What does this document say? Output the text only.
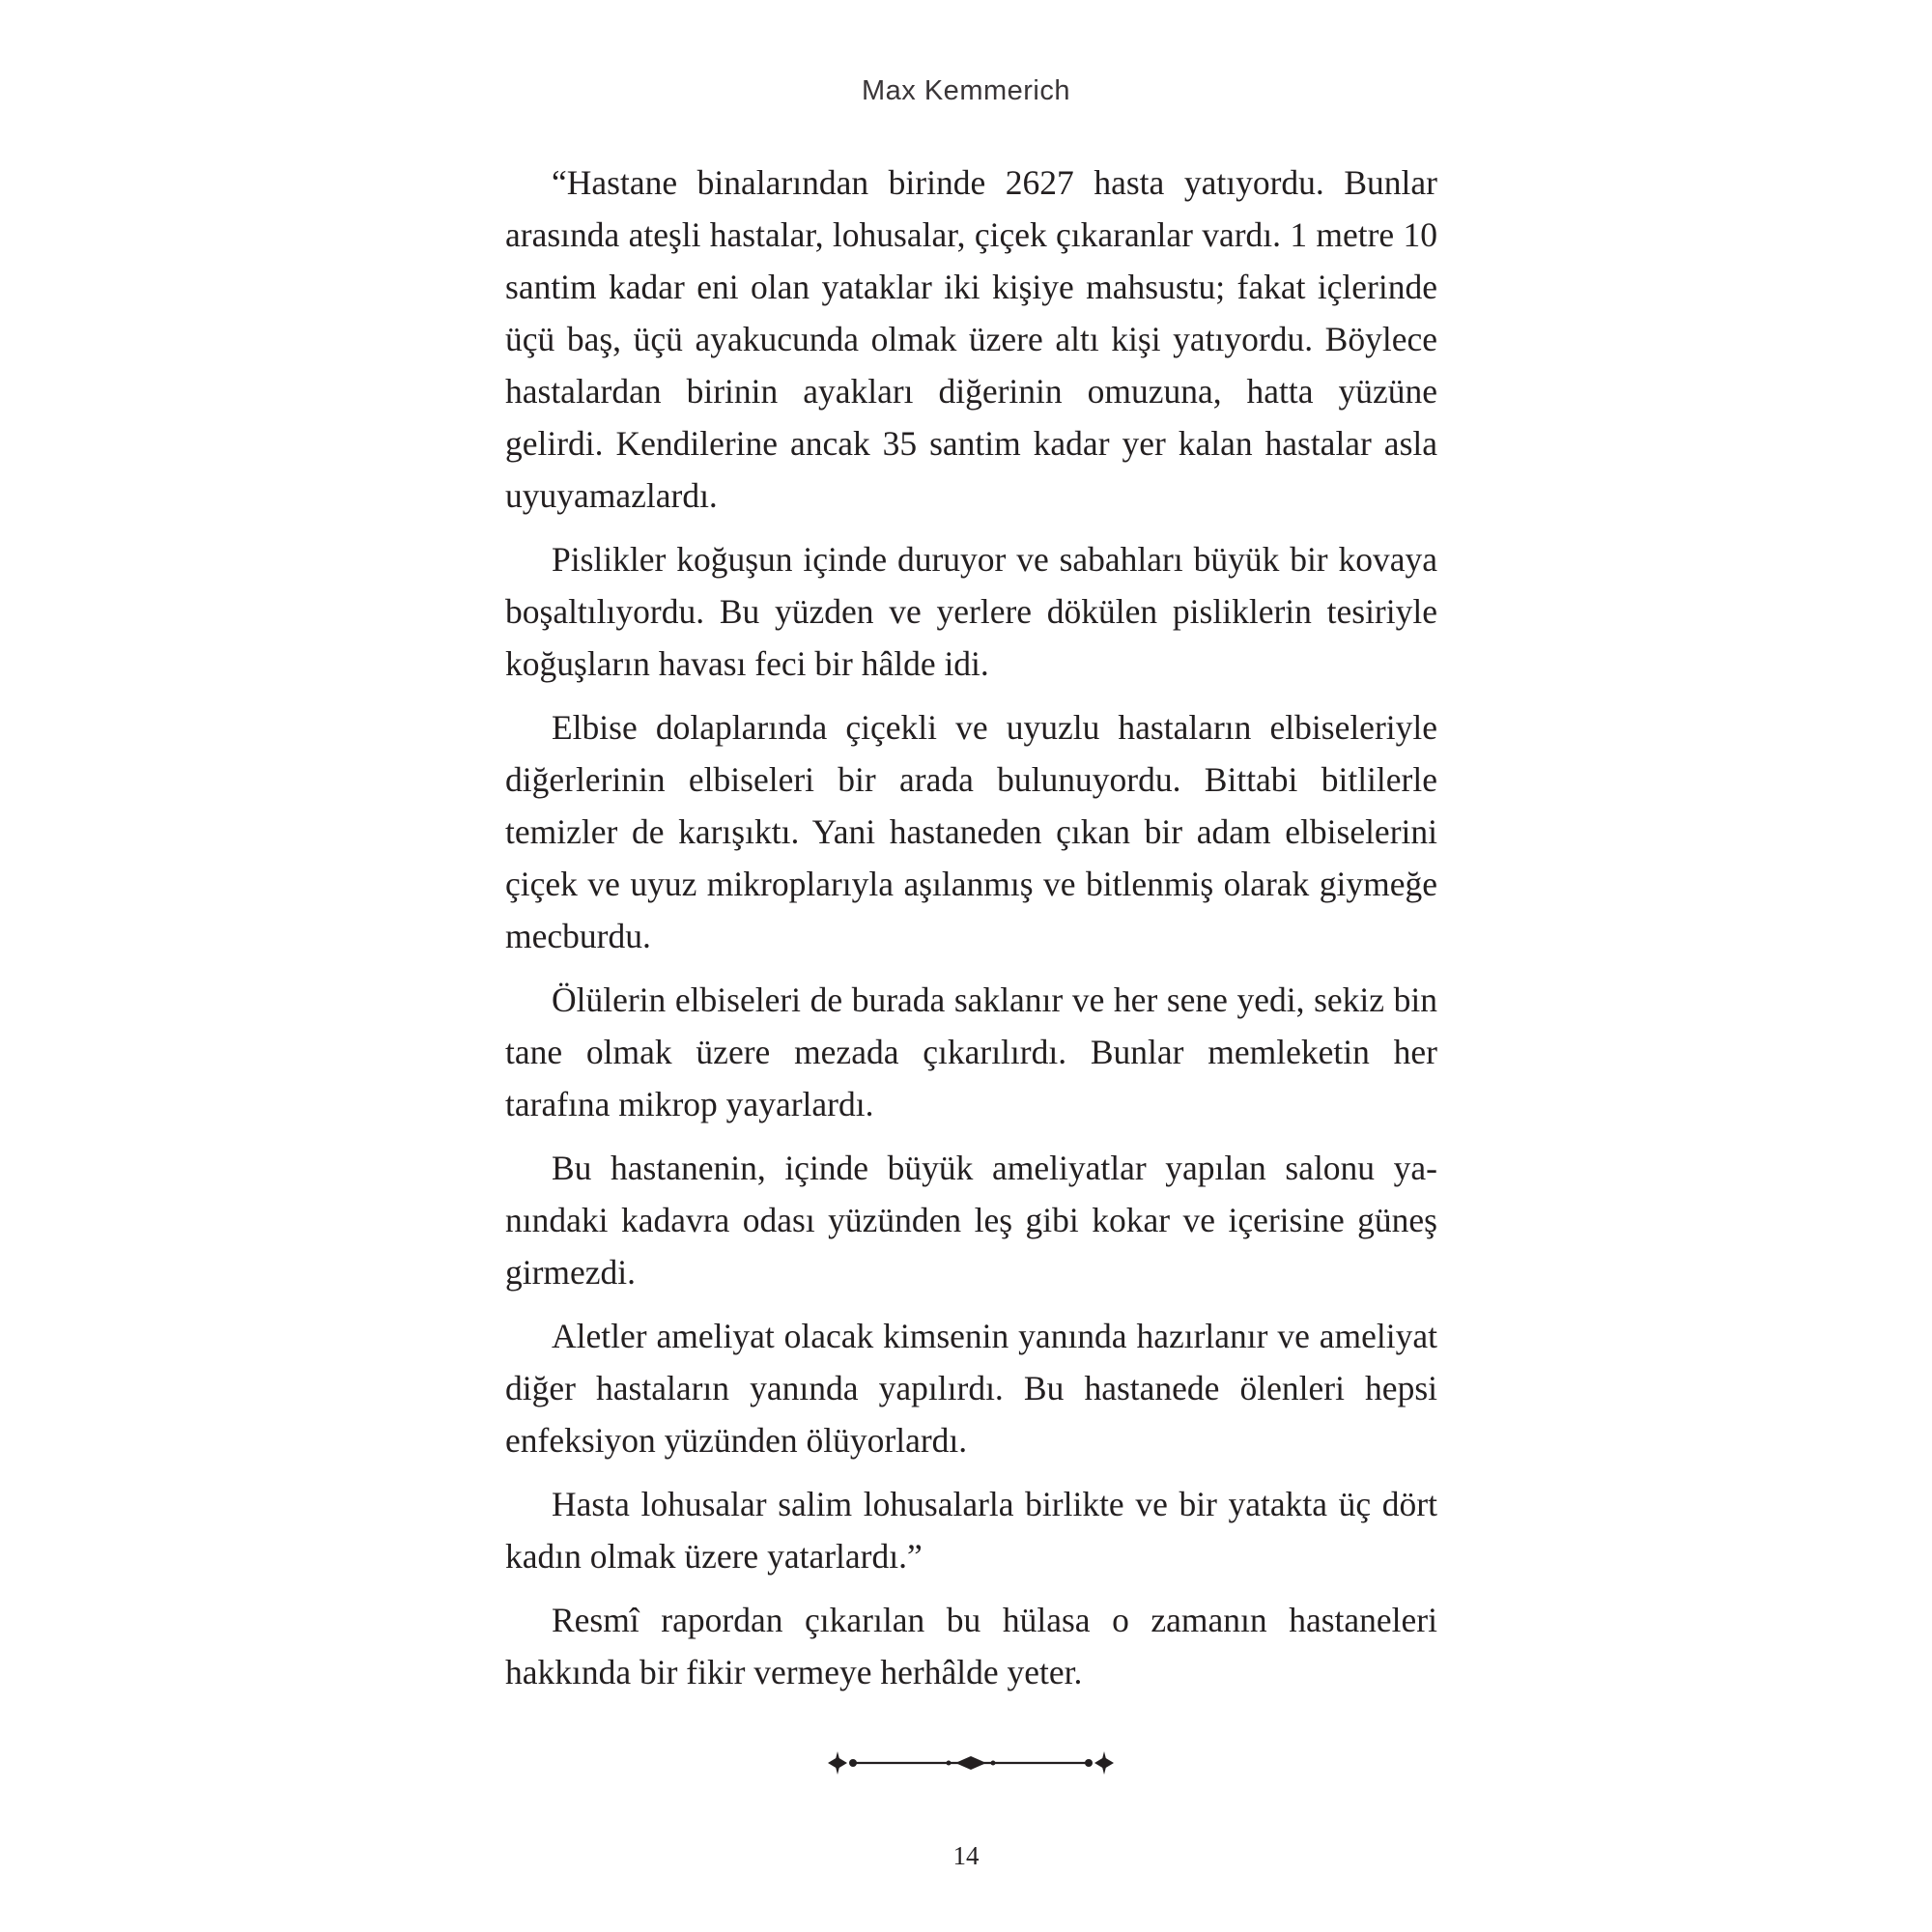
Max Kemmerich

“Hastane binalarından birinde 2627 hasta yatıyordu. Bunlar arasında ateşli hastalar, lohusalar, çiçek çıkaranlar vardı. 1 metre 10 santim kadar eni olan yataklar iki kişiye mahsustu; fakat içlerinde üçü baş, üçü ayakucunda olmak üzere altı kişi yatıyordu. Böylece hastalardan birinin ayakları diğerinin omuzuna, hatta yüzüne gelirdi. Kendilerine ancak 35 santim kadar yer kalan hastalar asla uyuyamazlardı.

Pislikler koğuşun içinde duruyor ve sabahları büyük bir kovaya boşaltılıyordu. Bu yüzden ve yerlere dökülen pisliklerin tesiriyle koğuşların havası feci bir hâlde idi.

Elbise dolaplarında çiçekli ve uyuzlu hastaların elbiseleriyle diğerlerinin elbiseleri bir arada bulunuyordu. Bittabi bitlilerle temizler de karışıktı. Yani hastaneden çıkan bir adam elbiselerini çiçek ve uyuz mikroplarıyla aşılanmış ve bitlenmiş olarak giymeğe mecburdu.

Ölülerin elbiseleri de burada saklanır ve her sene yedi, sekiz bin tane olmak üzere mezada çıkarılırdı. Bunlar memleketin her tarafına mikrop yayarlardı.

Bu hastanenin, içinde büyük ameliyatlar yapılan salonu yanındaki kadavra odası yüzünden leş gibi kokar ve içerisine güneş girmezdi.

Aletler ameliyat olacak kimsenin yanında hazırlanır ve ameliyat diğer hastaların yanında yapılırdı. Bu hastanede ölenleri hepsi enfeksiyon yüzünden ölüyorlardı.

Hasta lohusalar salim lohusalarla birlikte ve bir yatakta üç dört kadın olmak üzere yatarlardı.”

Resmî rapordan çıkarılan bu hülasa o zamanın hastaneleri hakkında bir fikir vermeye herhâlde yeter.

14
